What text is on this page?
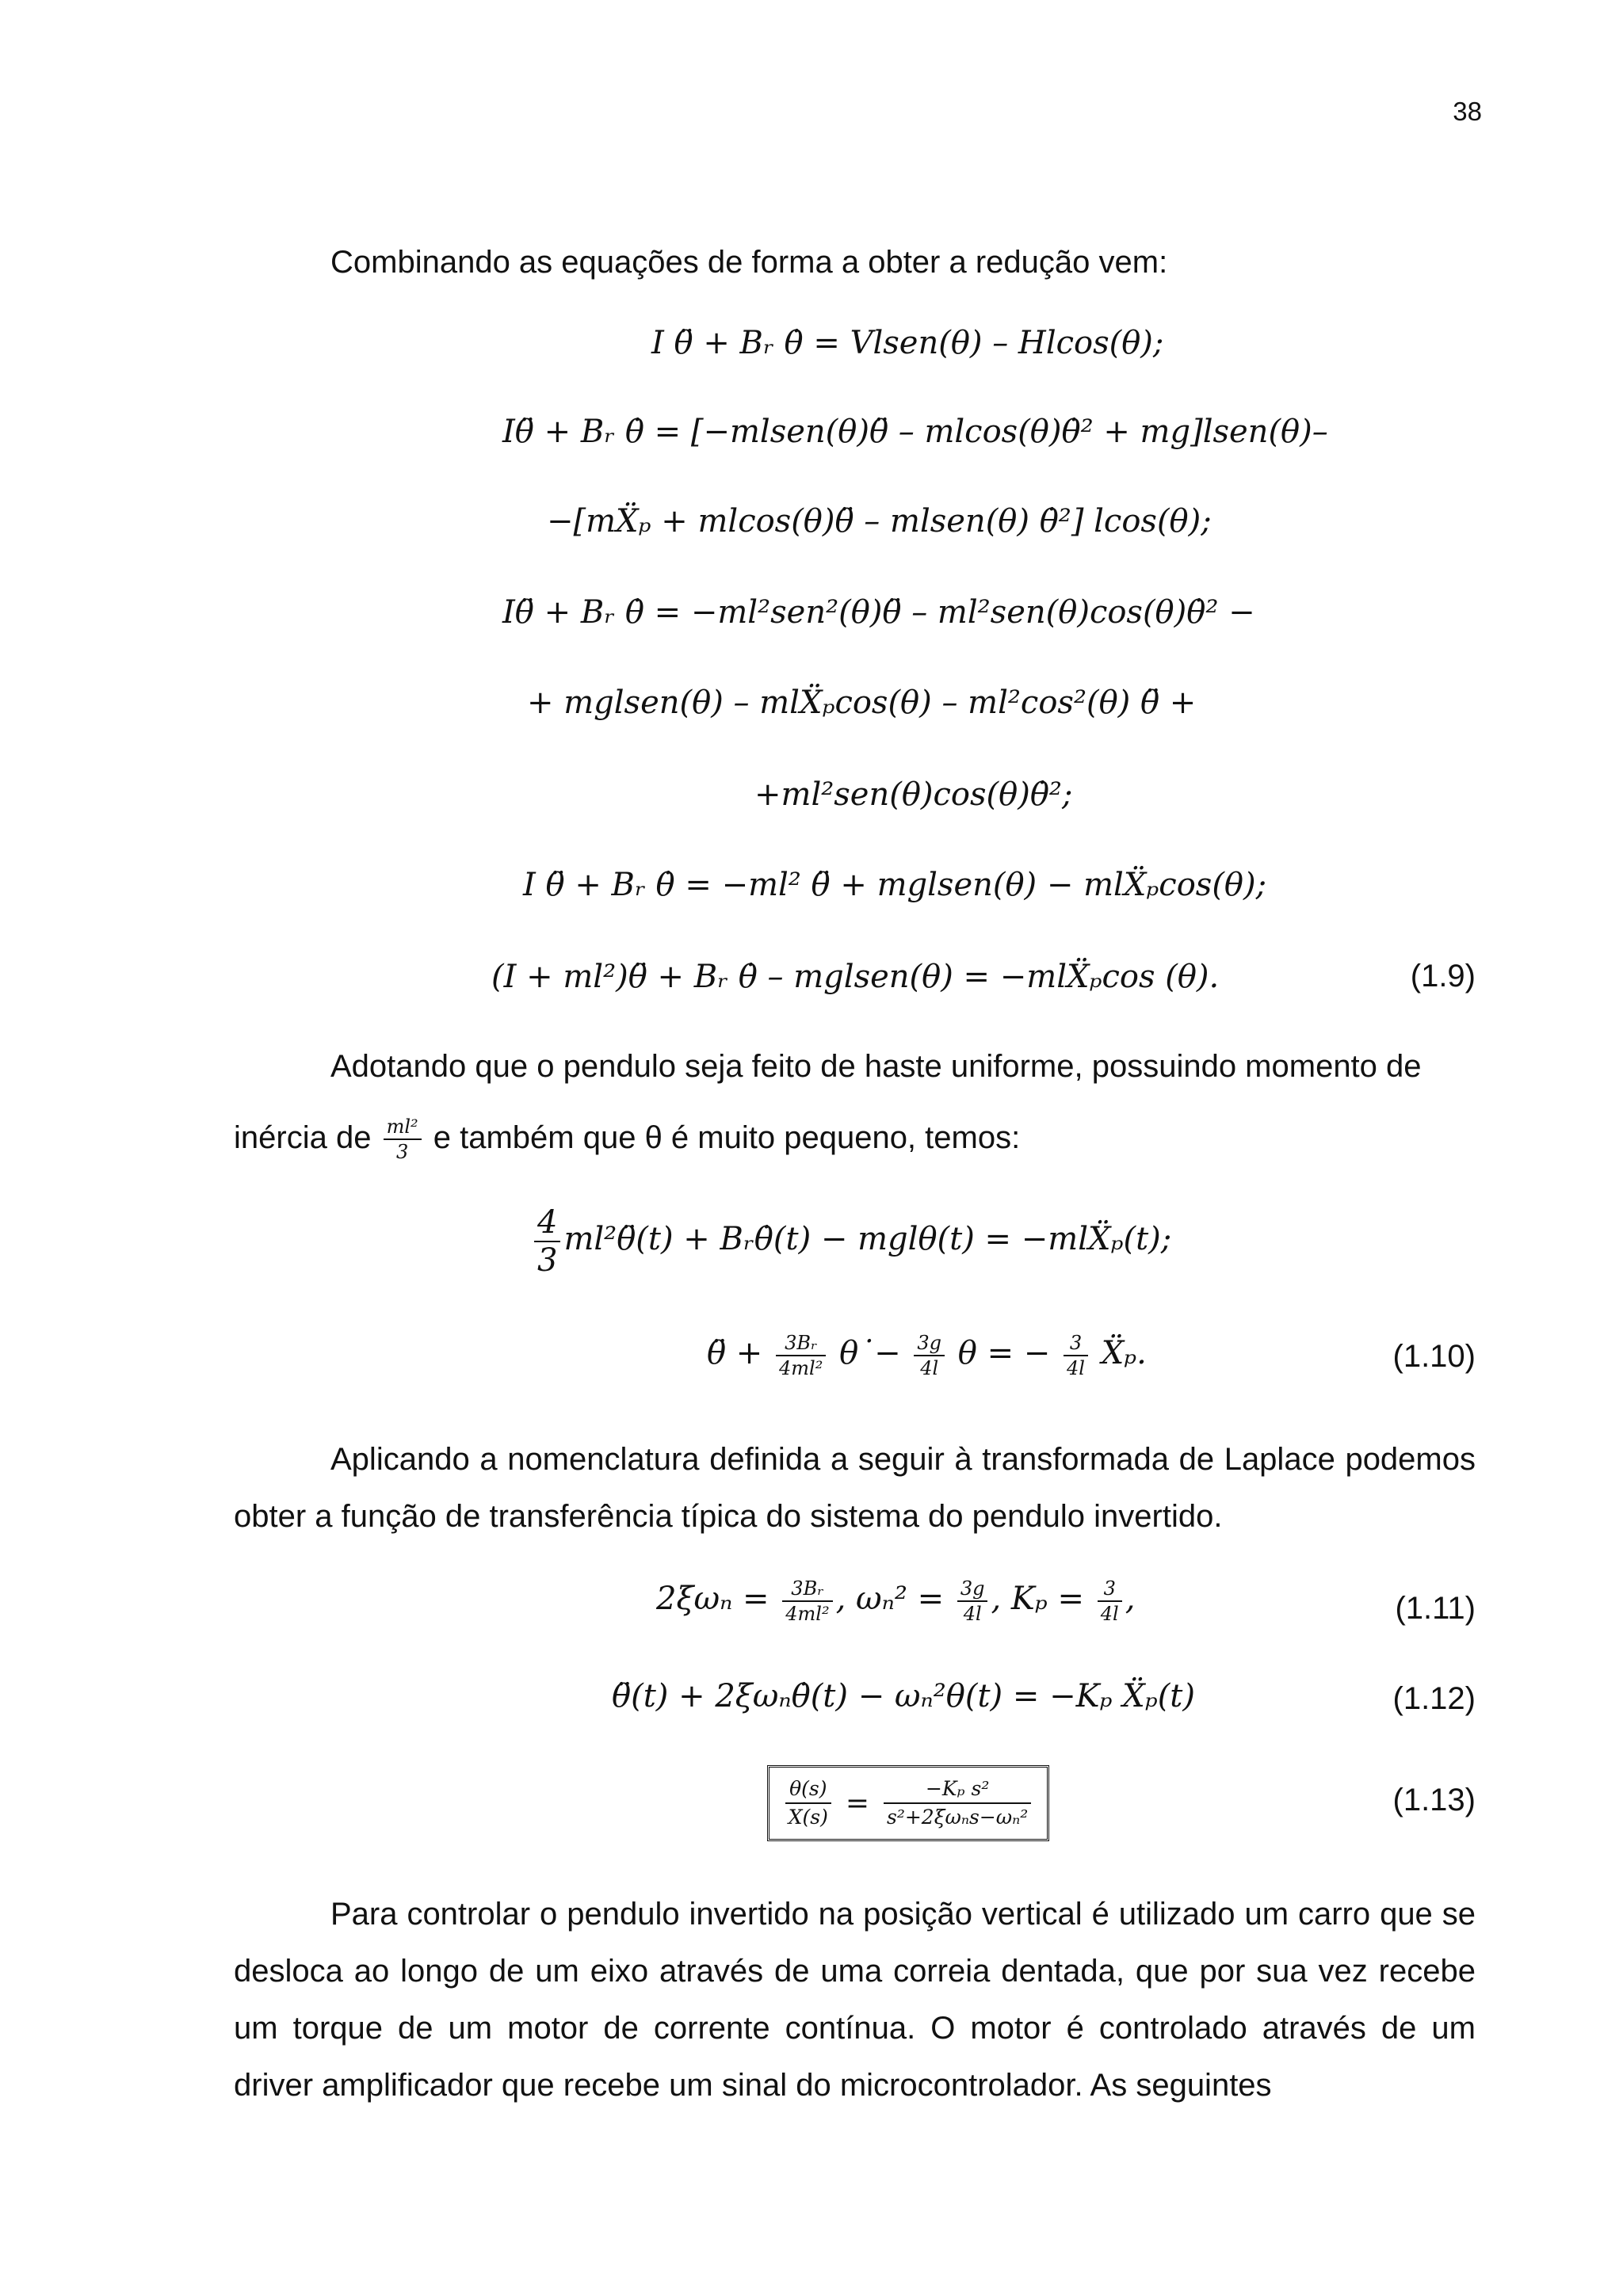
38

Combinando as equações de forma a obter a redução vem:

I θ̈ + Bᵣ θ̇ = Vlsen(θ) – Hlcos(θ);
Iθ̈ + Bᵣ θ̇ = [−mlsen(θ)θ̈ – mlcos(θ)θ̇² + mg]lsen(θ)–
−[mẌₚ + mlcos(θ)θ̈ – mlsen(θ) θ̇²] lcos(θ);
Iθ̈ + Bᵣ θ̇ = −ml²sen²(θ)θ̈ – ml²sen(θ)cos(θ)θ̇² −
+ mglsen(θ) – mlẌₚcos(θ) – ml²cos²(θ) θ̈ +
+ml²sen(θ)cos(θ)θ̇²;
I θ̈ + Bᵣ θ̇ = −ml² θ̈ + mglsen(θ) − mlẌₚcos(θ);
(I + ml²)θ̈ + Bᵣ θ̇ – mglsen(θ) = −mlẌₚcos (θ).	(1.9)
Adotando que o pendulo seja feito de haste uniforme, possuindo momento de
inércia de $\frac{\text{ml²}}{3}$ e também que θ é muito pequeno, temos:
$\frac{4}{3}$ ml²θ̈(t) + Bᵣθ̇(t) − mglθ(t) = −mlẌₚ(t);
θ̈ + $\frac{\text{3Bᵣ}}{\text{4ml²}}$ θ˙− $\frac{3g}{4l}$ θ = − $\frac{3}{4l}$ Ẍₚ.	(1.10)

Aplicando a nomenclatura definida a seguir à transformada de Laplace podemos obter a função de transferência típica do sistema do pendulo invertido.

$2\xi\omega_n = \frac{\text{3Bᵣ}}{\text{4ml²}}$ , $\omega_n^2 = \frac{3g}{4l}$ , $K_p = \frac{3}{4l}$ ,	(1.11)
θ̈(t) + 2ξωₙθ̇(t) − ωₙ²θ(t) = −Kₚ Ẍₚ(t)	(1.12)
$\frac{\theta(s)}{X(s)} = \frac{\text{−Kₚ s²}}{\text{s²+2ξωₙs−ωₙ²}}$	(1.13)

Para controlar o pendulo invertido na posição vertical é utilizado um carro que se desloca ao longo de um eixo através de uma correia dentada, que por sua vez recebe um torque de um motor de corrente contínua. O motor é controlado através de um driver amplificador que recebe um sinal do microcontrolador. As seguintes
